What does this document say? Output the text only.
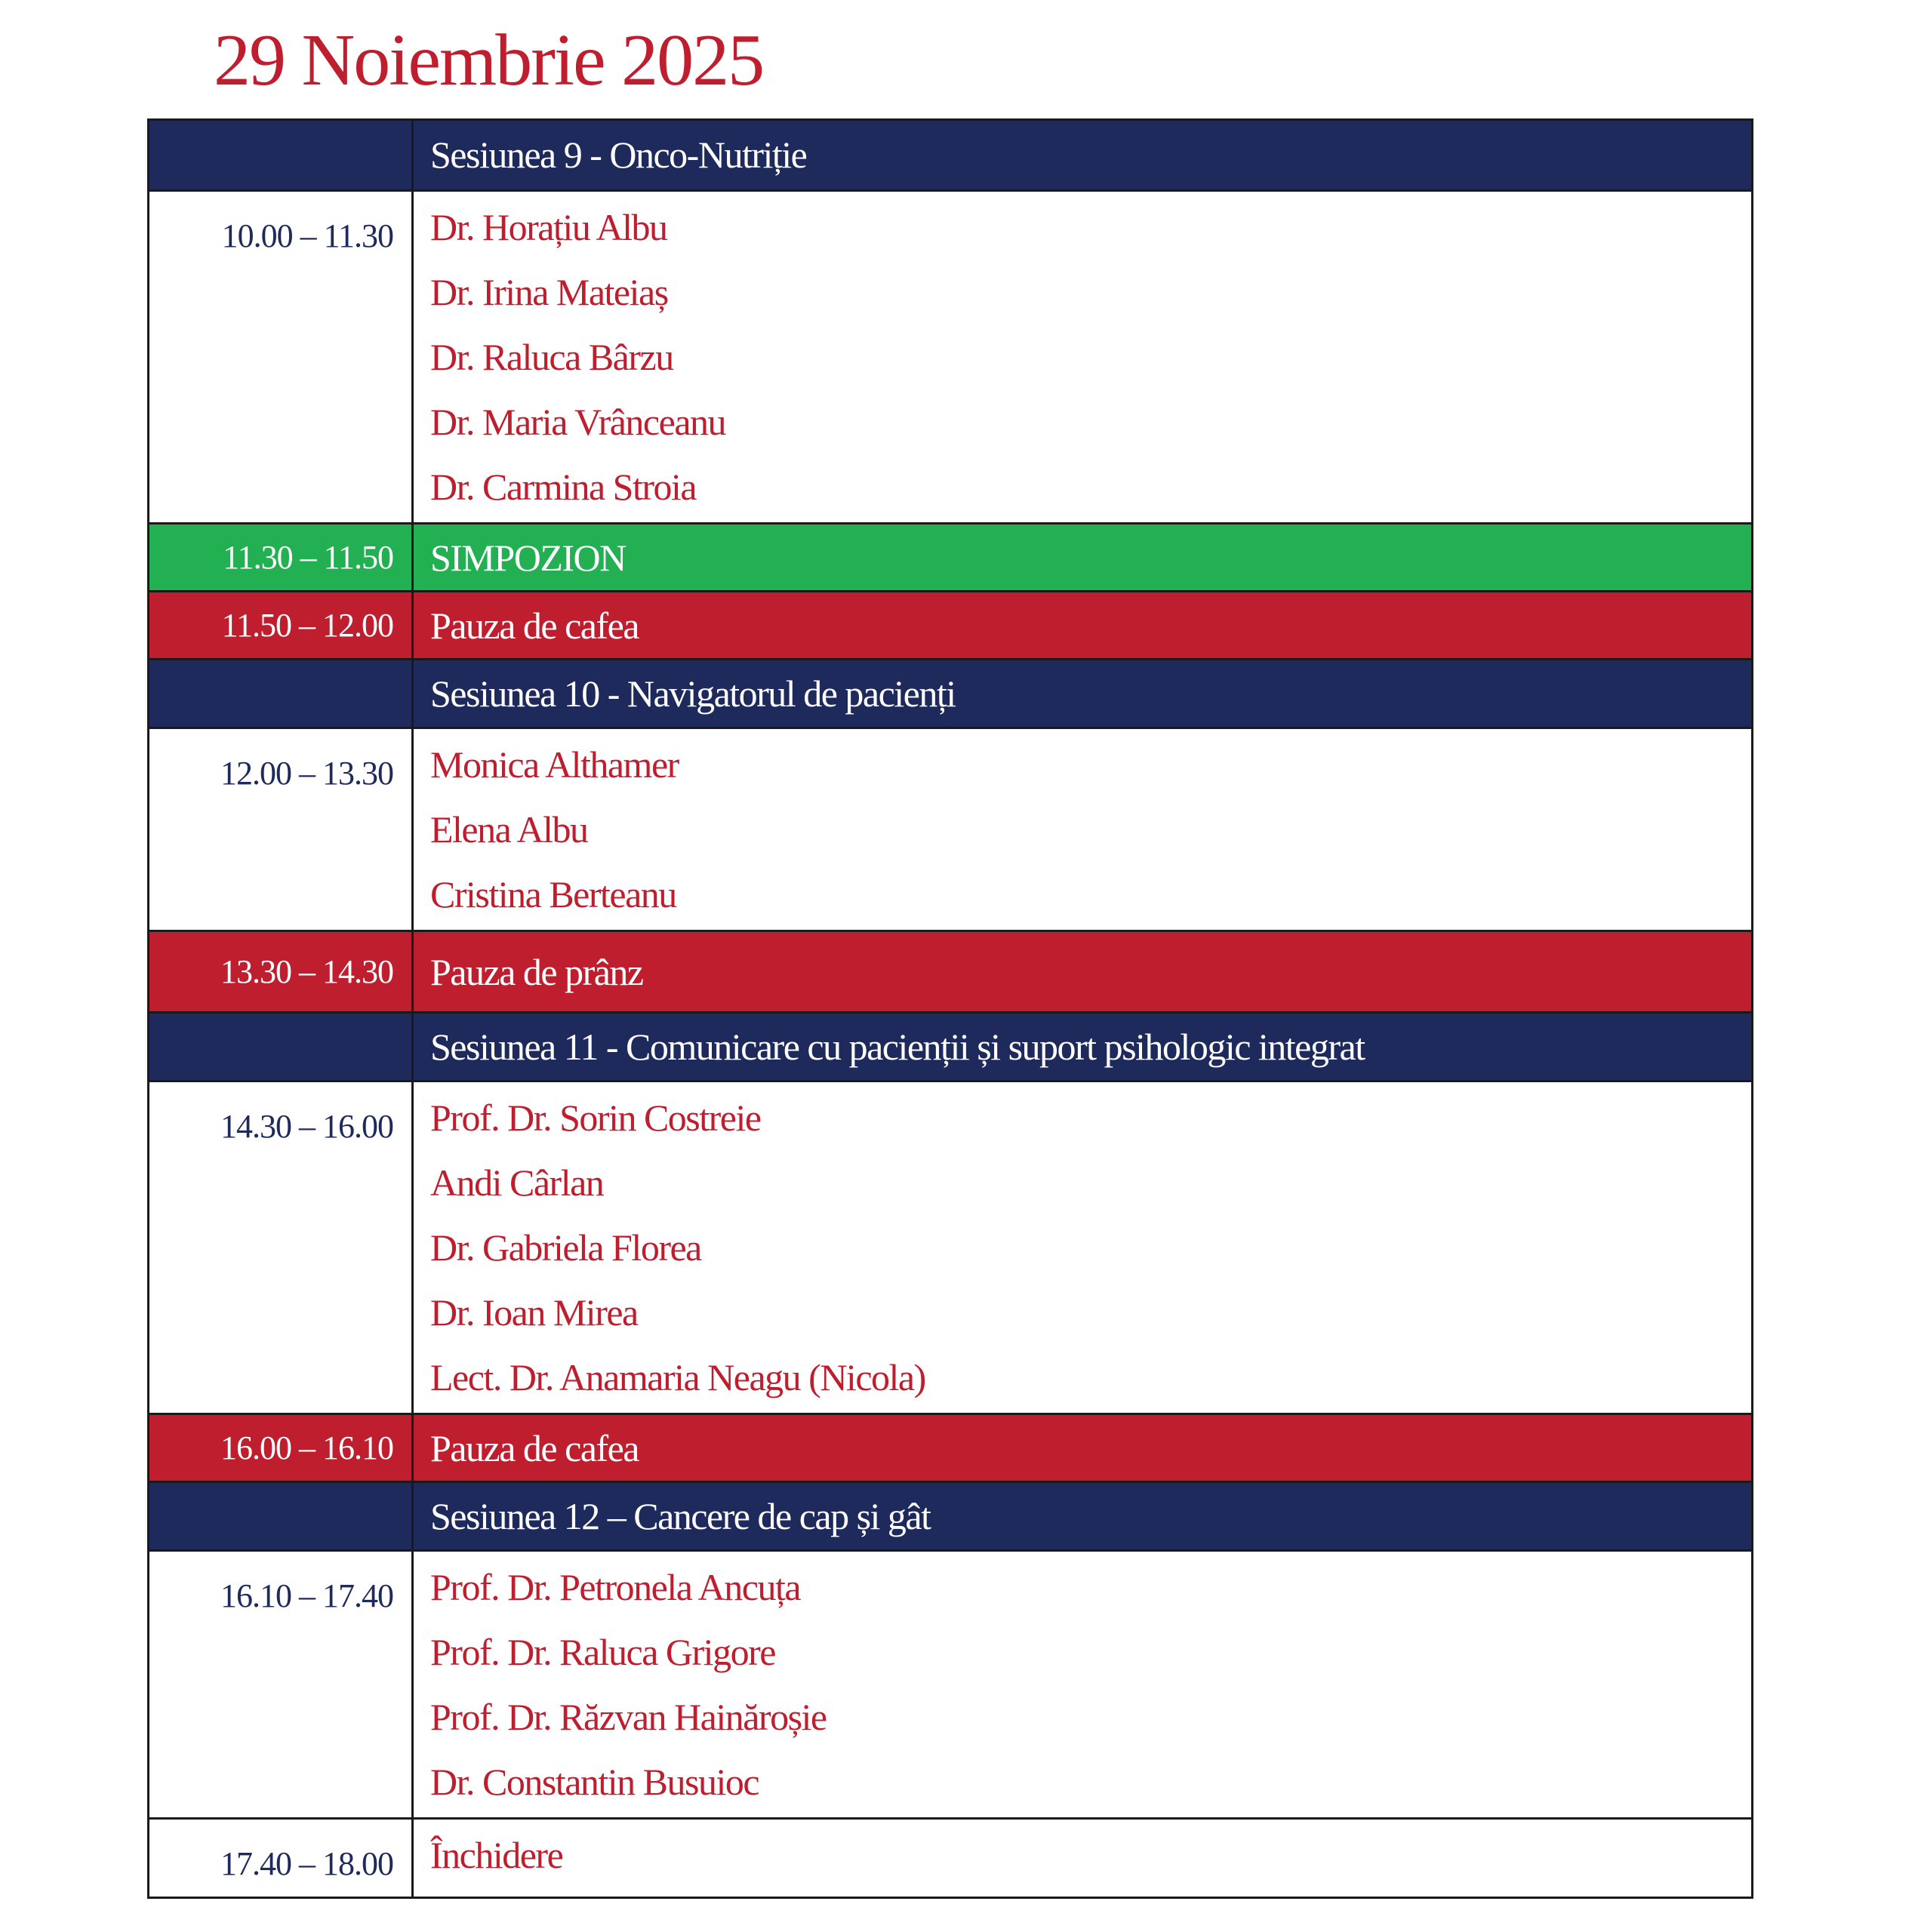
29 Noiembrie 2025
Sesiunea 9 - Onco-Nutriție
10.00 – 11.30 Dr. Horațiu Albu
Dr. Irina Mateiaș
Dr. Raluca Bârzu
Dr. Maria Vrânceanu
Dr. Carmina Stroia
11.30 – 11.50 SIMPOZION
11.50 – 12.00 Pauza de cafea
Sesiunea 10 - Navigatorul de pacienți
12.00 – 13.30 Monica Althamer
Elena Albu
Cristina Berteanu
13.30 – 14.30 Pauza de prânz
Sesiunea 11 - Comunicare cu pacienții și suport psihologic integrat
14.30 – 16.00 Prof. Dr. Sorin Costreie
Andi Cârlan
Dr. Gabriela Florea
Dr. Ioan Mirea
Lect. Dr. Anamaria Neagu (Nicola)
16.00 – 16.10 Pauza de cafea
Sesiunea 12 – Cancere de cap și gât
16.10 – 17.40 Prof. Dr. Petronela Ancuța
Prof. Dr. Raluca Grigore
Prof. Dr. Răzvan Hainăroșie
Dr. Constantin Busuioc
17.40 – 18.00 Închidere
